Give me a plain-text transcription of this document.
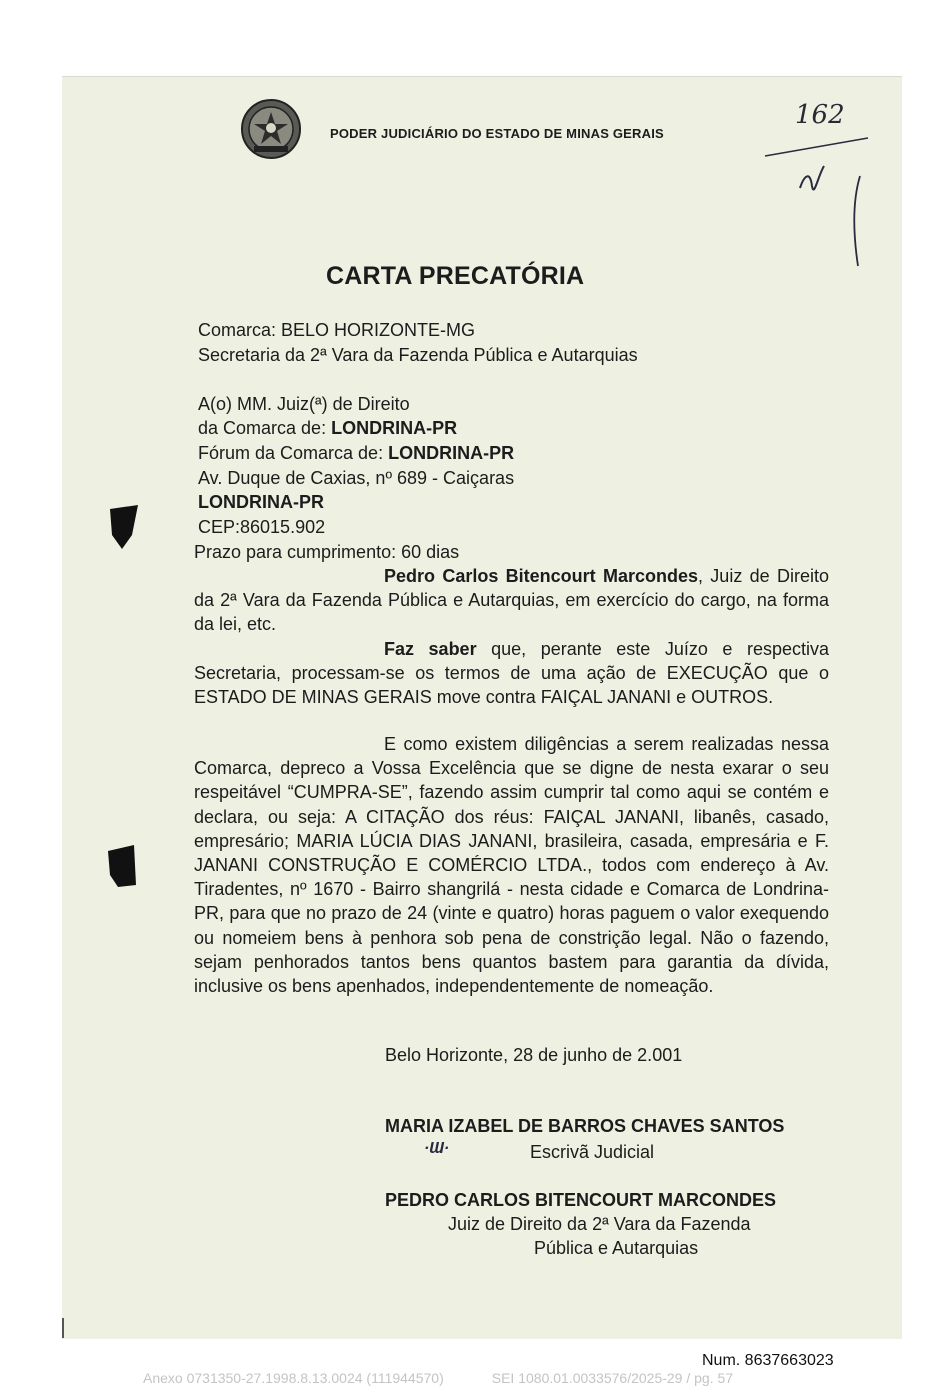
PODER JUDICIÁRIO DO ESTADO DE MINAS GERAIS
162
CARTA PRECATÓRIA
Comarca: BELO HORIZONTE-MG
Secretaria da 2ª Vara da Fazenda Pública e Autarquias
A(o) MM. Juiz(ª) de Direito
da Comarca de: LONDRINA-PR
Fórum da Comarca de: LONDRINA-PR
Av. Duque de Caxias, nº 689 - Caiçaras
LONDRINA-PR
CEP:86015.902
Prazo para cumprimento: 60 dias
Pedro Carlos Bitencourt Marcondes, Juiz de Direito da 2ª Vara da Fazenda Pública e Autarquias, em exercício do cargo, na forma da lei, etc.
Faz saber que, perante este Juízo e respectiva Secretaria, processam-se os termos de uma ação de EXECUÇÃO que o ESTADO DE MINAS GERAIS move contra FAIÇAL JANANI e OUTROS.
E como existem diligências a serem realizadas nessa Comarca, depreco a Vossa Excelência que se digne de nesta exarar o seu respeitável “CUMPRA-SE”, fazendo assim cumprir tal como aqui se contém e declara, ou seja: A CITAÇÃO dos réus: FAIÇAL JANANI, libanês, casado, empresário; MARIA LÚCIA DIAS JANANI, brasileira, casada, empresária e F. JANANI CONSTRUÇÃO E COMÉRCIO LTDA., todos com endereço à Av. Tiradentes, nº 1670 - Bairro shangrilá - nesta cidade e Comarca de Londrina-PR, para que no prazo de 24 (vinte e quatro) horas paguem o valor exequendo ou nomeiem bens à penhora sob pena de constrição legal. Não o fazendo, sejam penhorados tantos bens quantos bastem para garantia da dívida, inclusive os bens apenhados, independentemente de nomeação.
Belo Horizonte, 28 de junho de 2.001
MARIA IZABEL DE BARROS CHAVES SANTOS
·Ɯ·	Escrivã Judicial
PEDRO CARLOS BITENCOURT MARCONDES
Juiz de Direito da 2ª Vara da Fazenda
Pública e Autarquias
Num. 8637663023
Anexo 0731350-27.1998.8.13.0024 (111944570)	SEI 1080.01.0033576/2025-29 / pg. 57
